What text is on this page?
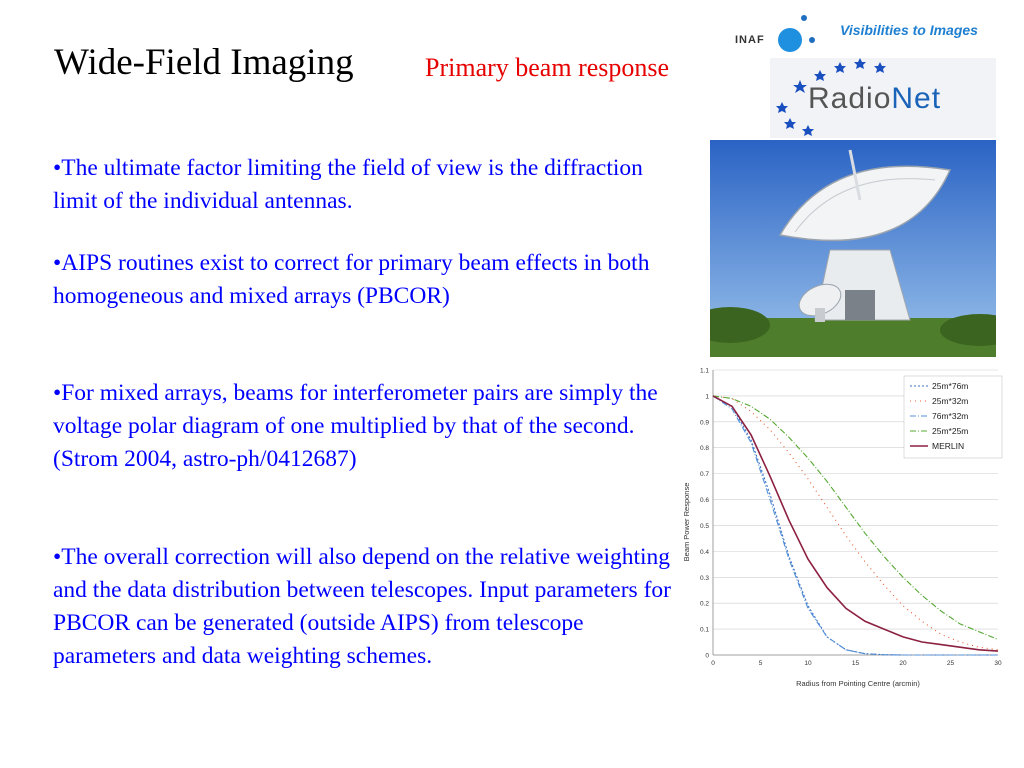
Wide-Field Imaging	Primary beam response
INAF
Visibilities to Images
RadioNet

•The ultimate factor limiting the field of view is the diffraction limit of the individual antennas.

•AIPS routines exist to correct for primary beam effects in both homogeneous and mixed arrays (PBCOR)

•For mixed arrays, beams for interferometer pairs are simply the voltage polar diagram of one multiplied by that of the second. (Strom 2004, astro-ph/0412687)

•The overall correction will also depend on the relative weighting and the data distribution between telescopes. Input parameters for PBCOR can be generated (outside AIPS) from telescope parameters and data weighting schemes.	0
0.1
0.2
0.3
0.4
0.5
0.6
0.7
0.8
0.9
1
1.1
0	5	10	15	20	25	30
25m*76m
25m*32m
76m*32m
25m*25m
MERLIN
Radius from Pointing Centre (arcmin)
Beam Power Response
